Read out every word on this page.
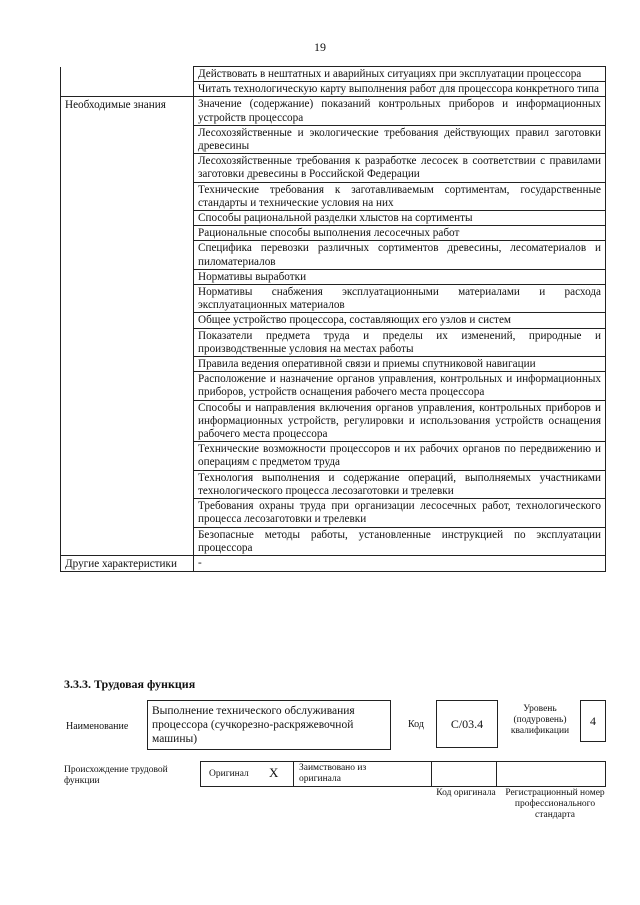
19
	Действовать в нештатных и аварийных ситуациях при эксплуатации процессора
	Читать технологическую карту выполнения работ для процессора конкретного типа
Необходимые знания	Значение (содержание) показаний контрольных приборов и информационных устройств процессора
	Лесохозяйственные и экологические требования действующих правил заготовки древесины
	Лесохозяйственные требования к разработке лесосек в соответствии с правилами заготовки древесины в Российской Федерации
	Технические требования к заготавливаемым сортиментам, государственные стандарты и технические условия на них
	Способы рациональной разделки хлыстов на сортименты
	Рациональные способы выполнения лесосечных работ
	Специфика перевозки различных сортиментов древесины, лесоматериалов и пиломатериалов
	Нормативы выработки
	Нормативы снабжения эксплуатационными материалами и расхода эксплуатационных материалов
	Общее устройство процессора, составляющих его узлов и систем
	Показатели предмета труда и пределы их изменений, природные и производственные условия на местах работы
	Правила ведения оперативной связи и приемы спутниковой навигации
	Расположение и назначение органов управления, контрольных и информационных приборов, устройств оснащения рабочего места процессора
	Способы и направления включения органов управления, контрольных приборов и информационных устройств, регулировки и использования устройств оснащения рабочего места процессора
	Технические возможности процессоров и их рабочих органов по передвижению и операциям с предметом труда
	Технология выполнения и содержание операций, выполняемых участниками технологического процесса лесозаготовки и трелевки
	Требования охраны труда при организации лесосечных работ, технологического процесса лесозаготовки и трелевки
	Безопасные методы работы, установленные инструкцией по эксплуатации процессора
Другие характеристики	-
3.3.3. Трудовая функция
Наименование
Выполнение технического обслуживания процессора (сучкорезно-раскряжевочной машины)
Код	C/03.4
Уровень (подуровень) квалификации
4
Происхождение трудовой функции
Оригинал X Заимствовано из оригинала
Код оригинала	Регистрационный номер профессионального стандарта
